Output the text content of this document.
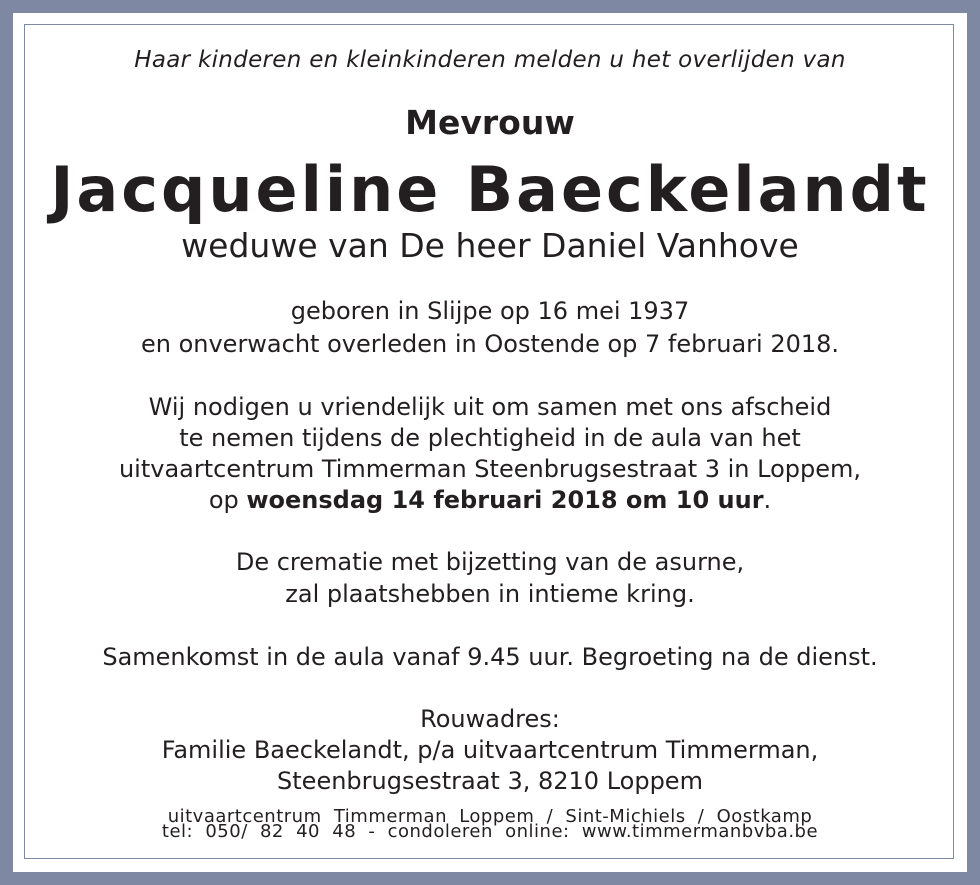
Haar kinderen en kleinkinderen melden u het overlijden van
Mevrouw
Jacqueline Baeckelandt
weduwe van De heer Daniel Vanhove
geboren in Slijpe op 16 mei 1937
en onverwacht overleden in Oostende op 7 februari 2018.
Wij nodigen u vriendelijk uit om samen met ons afscheid
te nemen tijdens de plechtigheid in de aula van het
uitvaartcentrum Timmerman Steenbrugsestraat 3 in Loppem,
op woensdag 14 februari 2018 om 10 uur.
De crematie met bijzetting van de asurne,
zal plaatshebben in intieme kring.
Samenkomst in de aula vanaf 9.45 uur. Begroeting na de dienst.
Rouwadres:
Familie Baeckelandt, p/a uitvaartcentrum Timmerman,
Steenbrugsestraat 3, 8210 Loppem
uitvaartcentrum Timmerman Loppem / Sint-Michiels / Oostkamp
tel: 050/ 82 40 48 - condoleren online: www.timmermanbvba.be
